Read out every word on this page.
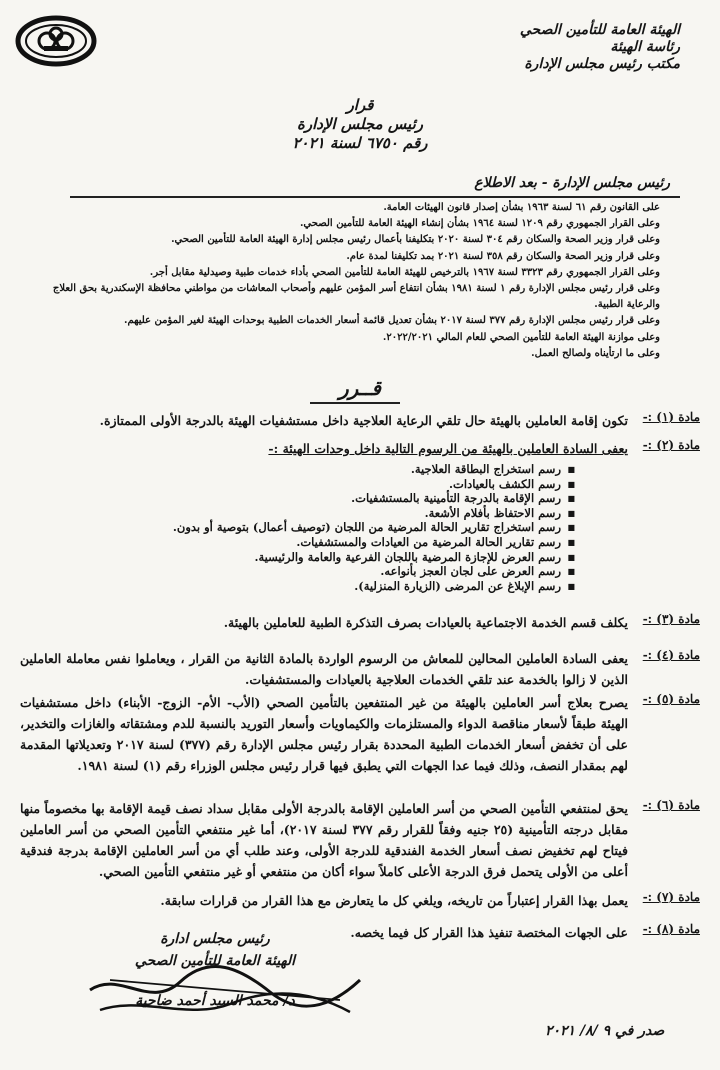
الهيئة العامة للتأمين الصحي
رئاسة الهيئة
مكتب رئيس مجلس الإدارة
قرار
رئيس مجلس الإدارة
رقم ٦٧٥٠ لسنة ٢٠٢١
رئيس مجلس الإدارة - بعد الاطلاع
على القانون رقم ٦١ لسنة ١٩٦٣ بشأن إصدار قانون الهيئات العامة.
وعلى القرار الجمهوري رقم ١٢٠٩ لسنة ١٩٦٤ بشأن إنشاء الهيئة العامة للتأمين الصحي.
وعلى قرار وزير الصحة والسكان رقم ٣٠٤ لسنة ٢٠٢٠ بتكليفنا بأعمال رئيس مجلس إدارة الهيئة العامة للتأمين الصحي.
وعلى قرار وزير الصحة والسكان رقم ٣٥٨ لسنة ٢٠٢١ بمد تكليفنا لمدة عام.
وعلى القرار الجمهوري رقم ٣٣٢٣ لسنة ١٩٦٧ بالترخيص للهيئة العامة للتأمين الصحي بأداء خدمات طبية وصيدلية مقابل أجر.
وعلى قرار رئيس مجلس الإدارة رقم ١ لسنة ١٩٨١ بشأن انتفاع أسر المؤمن عليهم وأصحاب المعاشات من مواطني محافظة الإسكندرية بحق العلاج
والرعاية الطبية.
وعلى قرار رئيس مجلس الإدارة رقم ٣٧٧ لسنة ٢٠١٧ بشأن تعديل قائمة أسعار الخدمات الطبية بوحدات الهيئة لغير المؤمن عليهم.
وعلى موازنة الهيئة العامة للتأمين الصحي للعام المالي ٢٠٢٢/٢٠٢١.
وعلى ما ارتأيناه ولصالح العمل.
قــرر
مادة (١) :-
تكون إقامة العاملين بالهيئة حال تلقي الرعاية العلاجية داخل مستشفيات الهيئة بالدرجة الأولى الممتازة.
مادة (٢) :-
يعفى السادة العاملين بالهيئة من الرسوم التالية داخل وحدات الهيئة :-
■ رسم استخراج البطاقة العلاجية.
■ رسم الكشف بالعيادات.
■ رسم الإقامة بالدرجة التأمينية بالمستشفيات.
■ رسم الاحتفاظ بأفلام الأشعة.
■ رسم استخراج تقارير الحالة المرضية من اللجان (توصيف أعمال) بتوصية أو بدون.
■ رسم تقارير الحالة المرضية من العيادات والمستشفيات.
■ رسم العرض للإجازة المرضية باللجان الفرعية والعامة والرئيسية.
■ رسم العرض على لجان العجز بأنواعه.
■ رسم الإبلاغ عن المرضى (الزيارة المنزلية).
مادة (٣) :-
يكلف قسم الخدمة الاجتماعية بالعيادات بصرف التذكرة الطبية للعاملين بالهيئة.
مادة (٤) :-
يعفى السادة العاملين المحالين للمعاش من الرسوم الواردة بالمادة الثانية من القرار ، ويعاملوا نفس معاملة العاملين الذين لا زالوا بالخدمة عند تلقي الخدمات العلاجية بالعيادات والمستشفيات.
مادة (٥) :-
يصرح بعلاج أسر العاملين بالهيئة من غير المنتفعين بالتأمين الصحي (الأب- الأم- الزوج- الأبناء) داخل مستشفيات الهيئة طبقاً لأسعار مناقصة الدواء والمستلزمات والكيماويات وأسعار التوريد بالنسبة للدم ومشتقاته والغازات والتخدير، على أن تخفض أسعار الخدمات الطبية المحددة بقرار رئيس مجلس الإدارة رقم (٣٧٧) لسنة ٢٠١٧ وتعديلاتها المقدمة لهم بمقدار النصف، وذلك فيما عدا الجهات التي يطبق فيها قرار رئيس مجلس الوزراء رقم (١) لسنة ١٩٨١.
مادة (٦) :-
يحق لمنتفعي التأمين الصحي من أسر العاملين الإقامة بالدرجة الأولى مقابل سداد نصف قيمة الإقامة بها مخصوماً منها مقابل درجته التأمينية (٢٥ جنيه وفقاً للقرار رقم ٣٧٧ لسنة ٢٠١٧)، أما غير منتفعي التأمين الصحي من أسر العاملين فيتاح لهم تخفيض نصف أسعار الخدمة الفندقية للدرجة الأولى، وعند طلب أي من أسر العاملين الإقامة بدرجة فندقية أعلى من الأولى يتحمل فرق الدرجة الأعلى كاملاً سواء أكان من منتفعي أو غير منتفعي التأمين الصحي.
مادة (٧) :-
يعمل بهذا القرار إعتباراً من تاريخه، ويلغي كل ما يتعارض مع هذا القرار من قرارات سابقة.
مادة (٨) :-
على الجهات المختصة تنفيذ هذا القرار كل فيما يخصه.
رئيس مجلس ادارة
الهيئة العامة للتأمين الصحي
د/ محمد السيد أحمد ضاحية
صدر في ٩ /٨/ ٢٠٢١
